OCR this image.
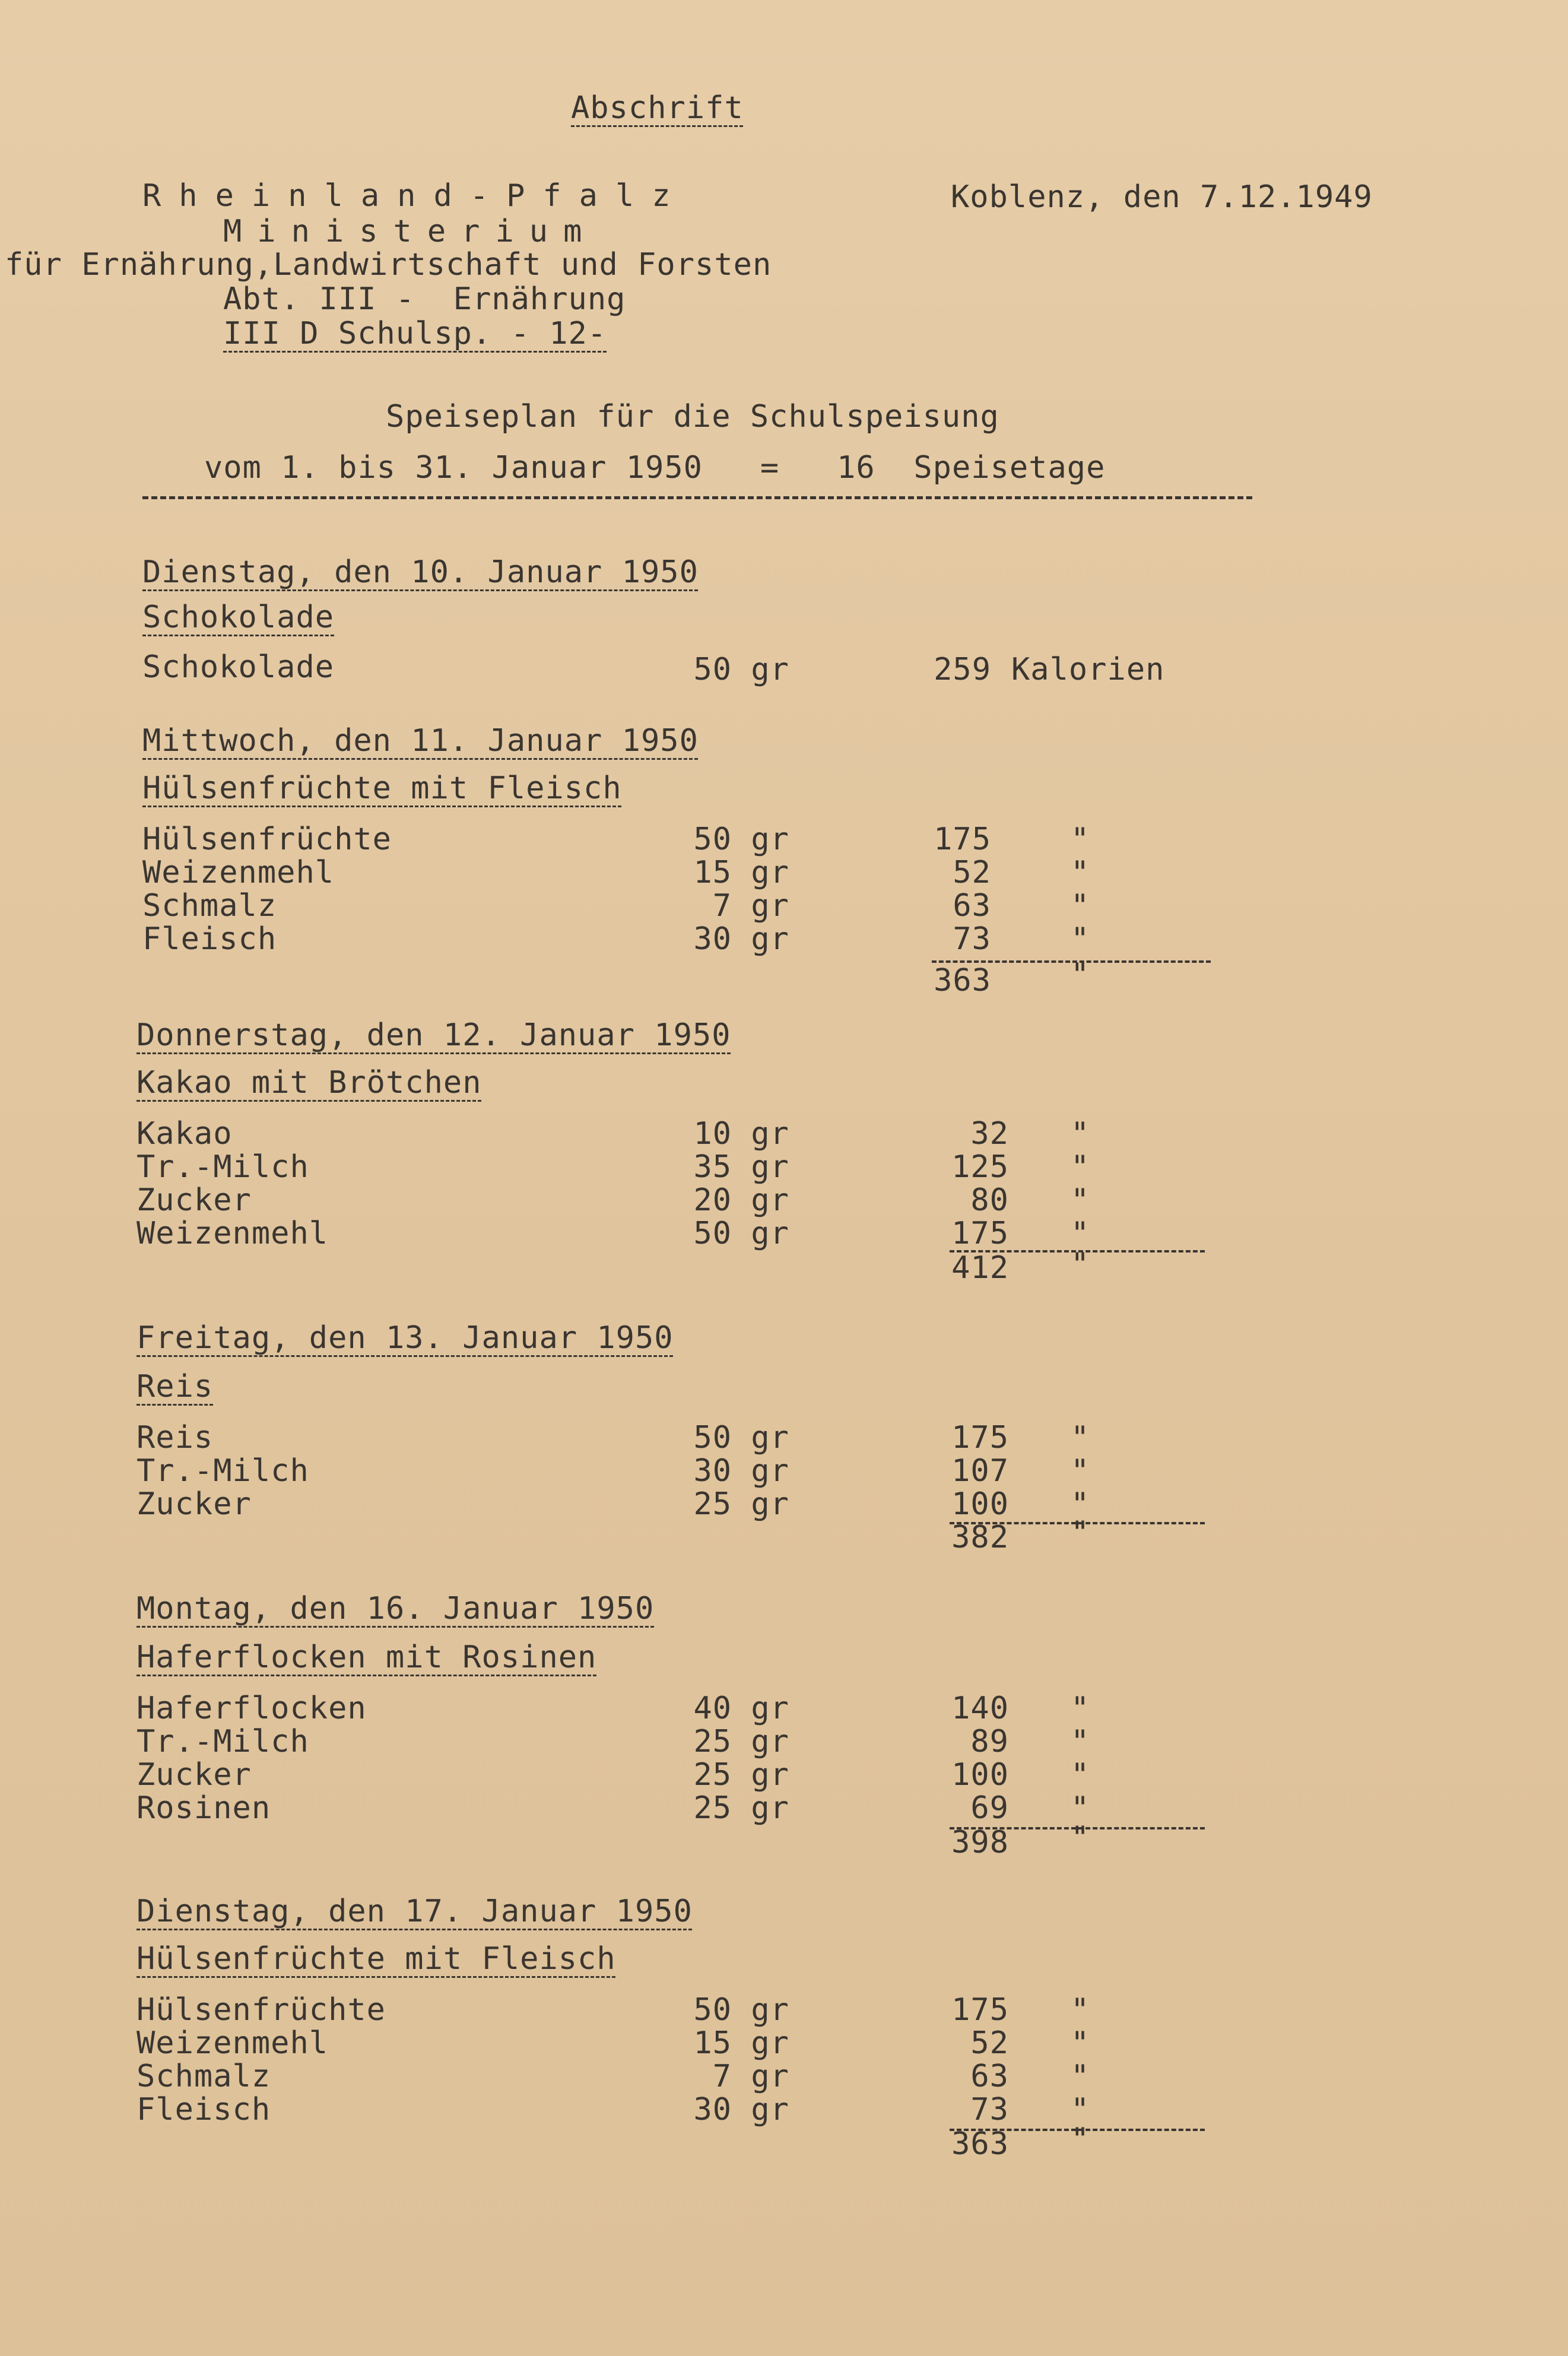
Abschrift
Rheinland-Pfalz
Ministerium
für Ernährung,Landwirtschaft und Forsten
Abt. III -  Ernährung
III D Schulsp. - 12-
Koblenz, den 7.12.1949
Speiseplan für die Schulspeisung
vom 1. bis 31. Januar 1950   =   16  Speisetage
Dienstag, den 10. Januar 1950
Schokolade
Schokolade	50 gr	259 Kalorien
Mittwoch, den 11. Januar 1950
Hülsenfrüchte mit Fleisch
Hülsenfrüchte	50 gr	175	"
Weizenmehl	15 gr	52	"
Schmalz	7 gr	63	"
Fleisch	30 gr	73	"
363	"
Donnerstag, den 12. Januar 1950
Kakao mit Brötchen
Kakao	10 gr	32 "
Tr.-Milch	35 gr	125 "
Zucker	20 gr	80 "
Weizenmehl	50 gr	175 "
412 "
Freitag, den 13. Januar 1950
Reis
Reis	50 gr	175 "
Tr.-Milch	30 gr	107 "
Zucker	25 gr	100 "
382 "
Montag, den 16. Januar 1950
Haferflocken mit Rosinen
Haferflocken	40 gr	140 "
Tr.-Milch	25 gr	89 "
Zucker	25 gr	100 "
Rosinen	25 gr	69 "
398 "
Dienstag, den 17. Januar 1950
Hülsenfrüchte mit Fleisch
Hülsenfrüchte	50 gr	175 "
Weizenmehl	15 gr	52 "
Schmalz	7 gr	63 "
Fleisch	30 gr	73 "
363 "
